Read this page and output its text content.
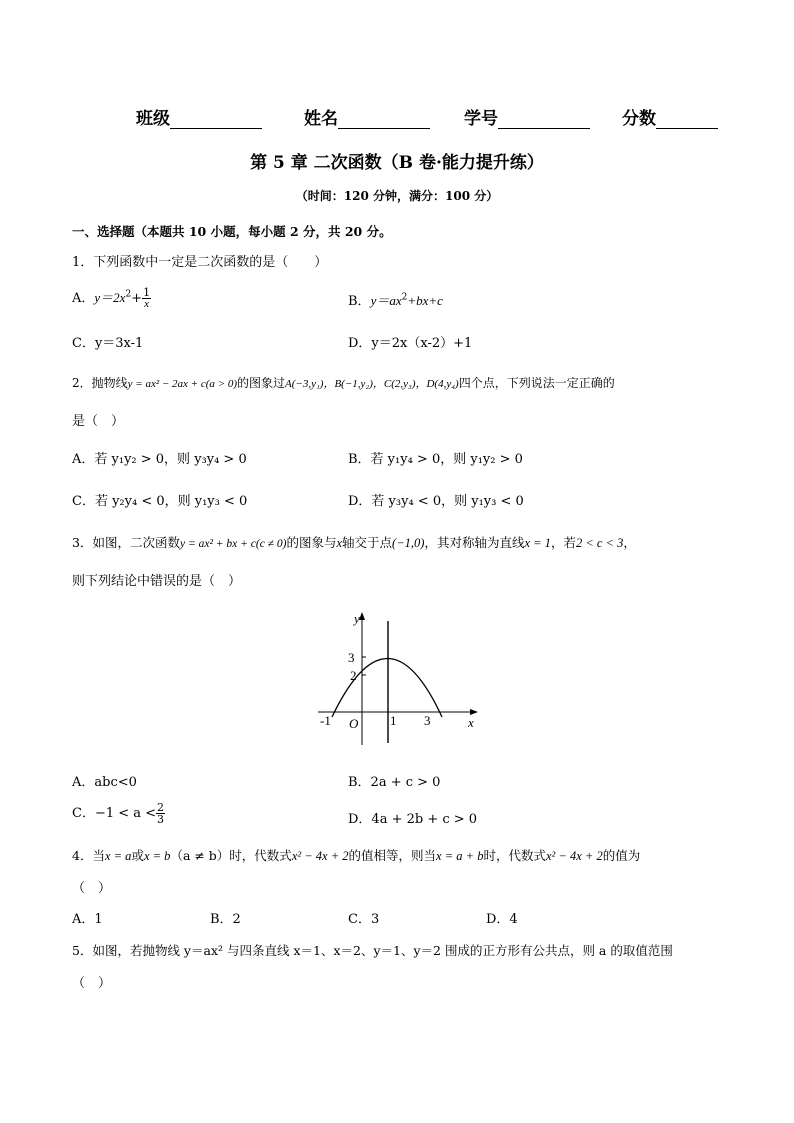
班级	姓名	学号	分数
第 5 章 二次函数（B 卷·能力提升练）
（时间：120 分钟，满分：100 分）
一、选择题（本题共 10 小题，每小题 2 分，共 20 分。
1．下列函数中一定是二次函数的是（　　）
A．$y=2x^2+ \frac{1}{x}$	B．$y=ax^2+bx+c$
C．y＝3x-1	D．y＝2x（x-2）+1
2．抛物线y = ax² − 2ax + c(a > 0)的图象过A(−3,y₁)，B(−1,y₂)，C(2,y₃)，D(4,y₄)四个点，下列说法一定正确的
是（　）
A．若 y₁y₂ > 0，则 y₃y₄ > 0	B．若 y₁y₄ > 0，则 y₁y₂ > 0
C．若 y₂y₄ < 0，则 y₁y₃ < 0	D．若 y₃y₄ < 0，则 y₁y₃ < 0
3．如图，二次函数y = ax² + bx + c(c ≠ 0)的图象与x轴交于点(−1,0)，其对称轴为直线x = 1，若2 < c < 3，
则下列结论中错误的是（　）
y
x
3
2
O 1 3
-1
A．abc<0	B．2a + c > 0
C．$-1 < a < \frac{2}{3}$	D．4a + 2b + c > 0
4．当x = a或x = b（a ≠ b）时，代数式x² − 4x + 2的值相等，则当x = a + b时，代数式x² − 4x + 2的值为
（　）
A．1	B．2	C．3	D．4
5．如图，若抛物线 y＝ax² 与四条直线 x＝1、x＝2、y＝1、y＝2 围成的正方形有公共点，则 a 的取值范围
（　）
